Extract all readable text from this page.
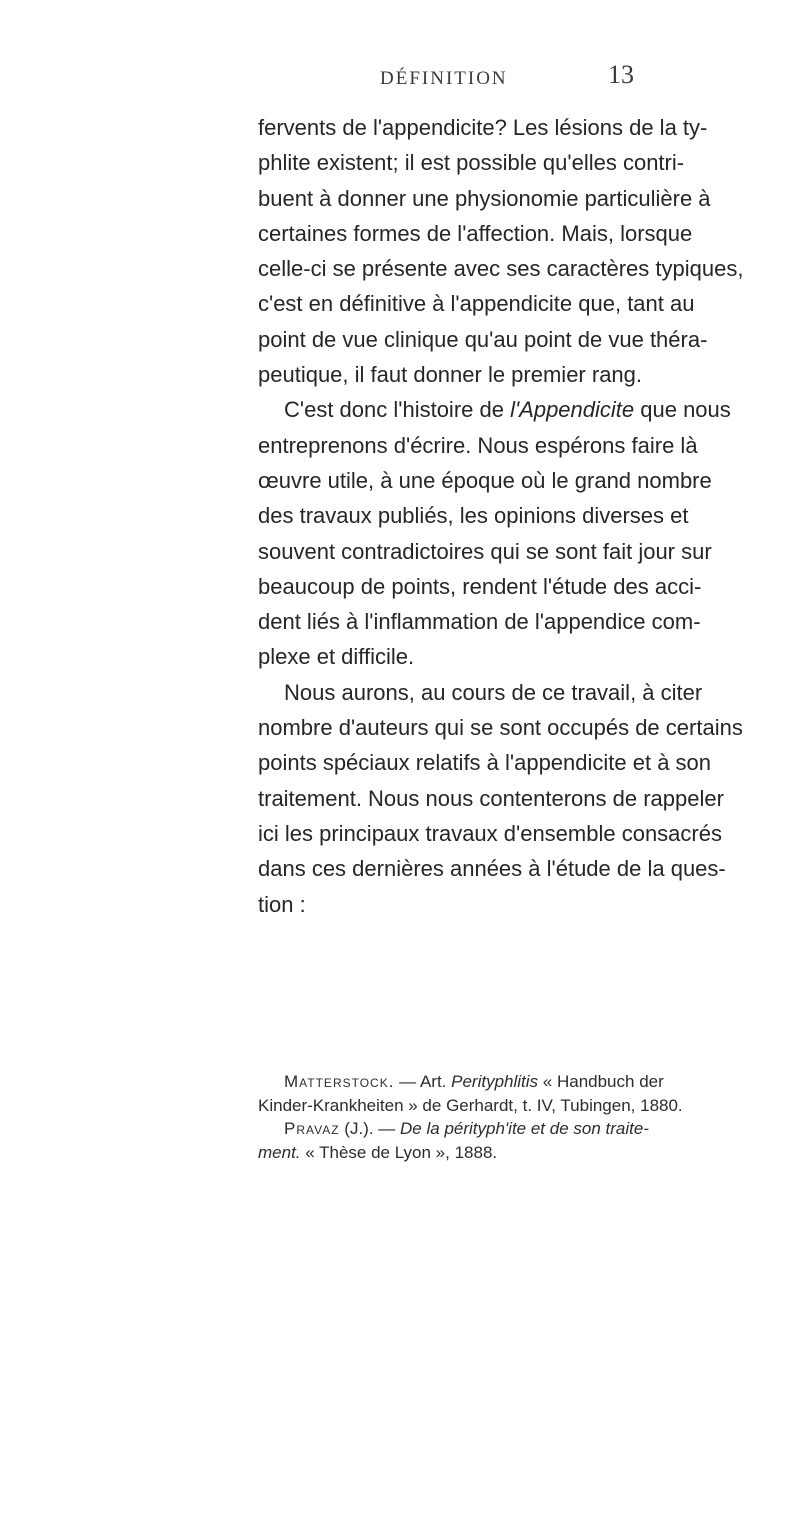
DÉFINITION	13
fervents de l'appendicite? Les lésions de la ty-
phlite existent; il est possible qu'elles contri-
buent à donner une physionomie particulière à
certaines formes de l'affection. Mais, lorsque
celle-ci se présente avec ses caractères typiques,
c'est en définitive à l'appendicite que, tant au
point de vue clinique qu'au point de vue théra-
peutique, il faut donner le premier rang.
C'est donc l'histoire de l'Appendicite que nous
entreprenons d'écrire. Nous espérons faire là
œuvre utile, à une époque où le grand nombre
des travaux publiés, les opinions diverses et
souvent contradictoires qui se sont fait jour sur
beaucoup de points, rendent l'étude des acci-
dent liés à l'inflammation de l'appendice com-
plexe et difficile.
Nous aurons, au cours de ce travail, à citer
nombre d'auteurs qui se sont occupés de certains
points spéciaux relatifs à l'appendicite et à son
traitement. Nous nous contenterons de rappeler
ici les principaux travaux d'ensemble consacrés
dans ces dernières années à l'étude de la ques-
tion :
Matterstock. — Art. Perityphlitis « Handbuch der
Kinder-Krankheiten » de Gerhardt, t. IV, Tubingen, 1880.
Pravaz (J.). — De la pérityph'ite et de son traite-
ment. « Thèse de Lyon », 1888.
